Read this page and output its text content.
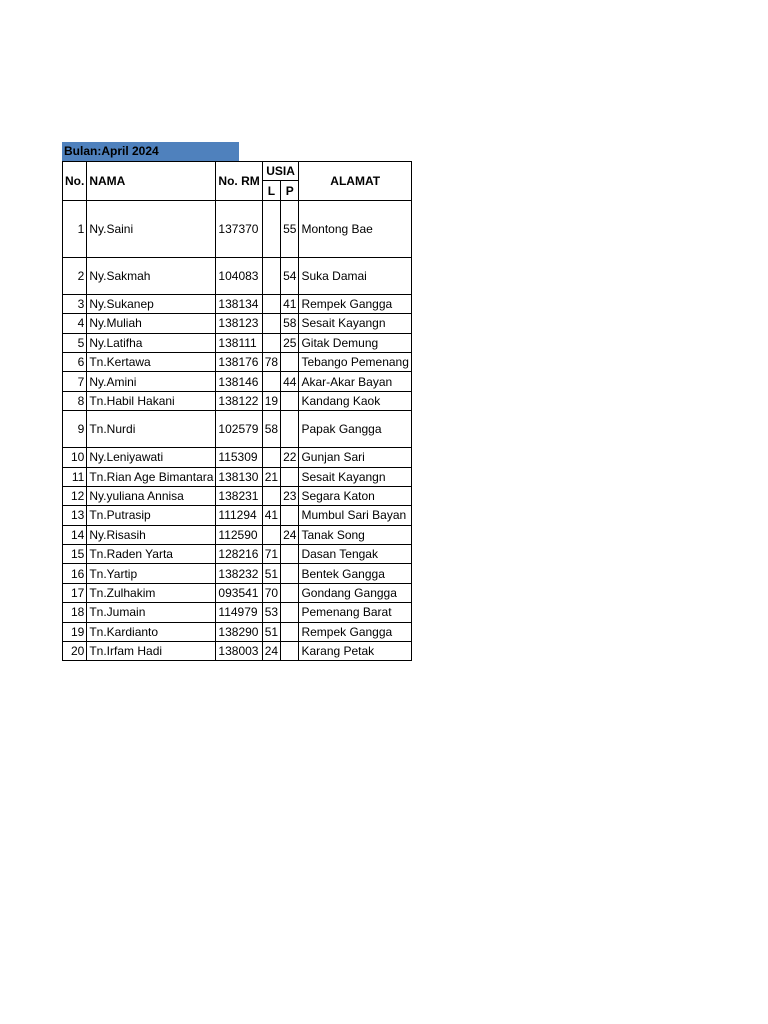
Bulan:April 2024
No.	NAMA	No. RM	USIA		ALAMAT
			L	P	
1	Ny.Saini	137370		55	Montong Bae
2	Ny.Sakmah	104083		54	Suka Damai
3	Ny.Sukanep	138134		41	Rempek Gangga
4	Ny.Muliah	138123		58	Sesait Kayangn
5	Ny.Latifha	138111		25	Gitak Demung
6	Tn.Kertawa	138176	78		Tebango Pemenang
7	Ny.Amini	138146		44	Akar-Akar Bayan
8	Tn.Habil Hakani	138122	19		Kandang Kaok
9	Tn.Nurdi	102579	58		Papak Gangga
10	Ny.Leniyawati	115309		22	Gunjan Sari
11	Tn.Rian Age Bimantara	138130	21		Sesait Kayangn
12	Ny.yuliana Annisa	138231		23	Segara Katon
13	Tn.Putrasip	111294	41		Mumbul Sari Bayan
14	Ny.Risasih	112590		24	Tanak Song
15	Tn.Raden Yarta	128216	71		Dasan Tengak
16	Tn.Yartip	138232	51		Bentek Gangga
17	Tn.Zulhakim	093541	70		Gondang Gangga
18	Tn.Jumain	114979	53		Pemenang Barat
19	Tn.Kardianto	138290	51		Rempek Gangga
20	Tn.Irfam Hadi	138003	24		Karang Petak
